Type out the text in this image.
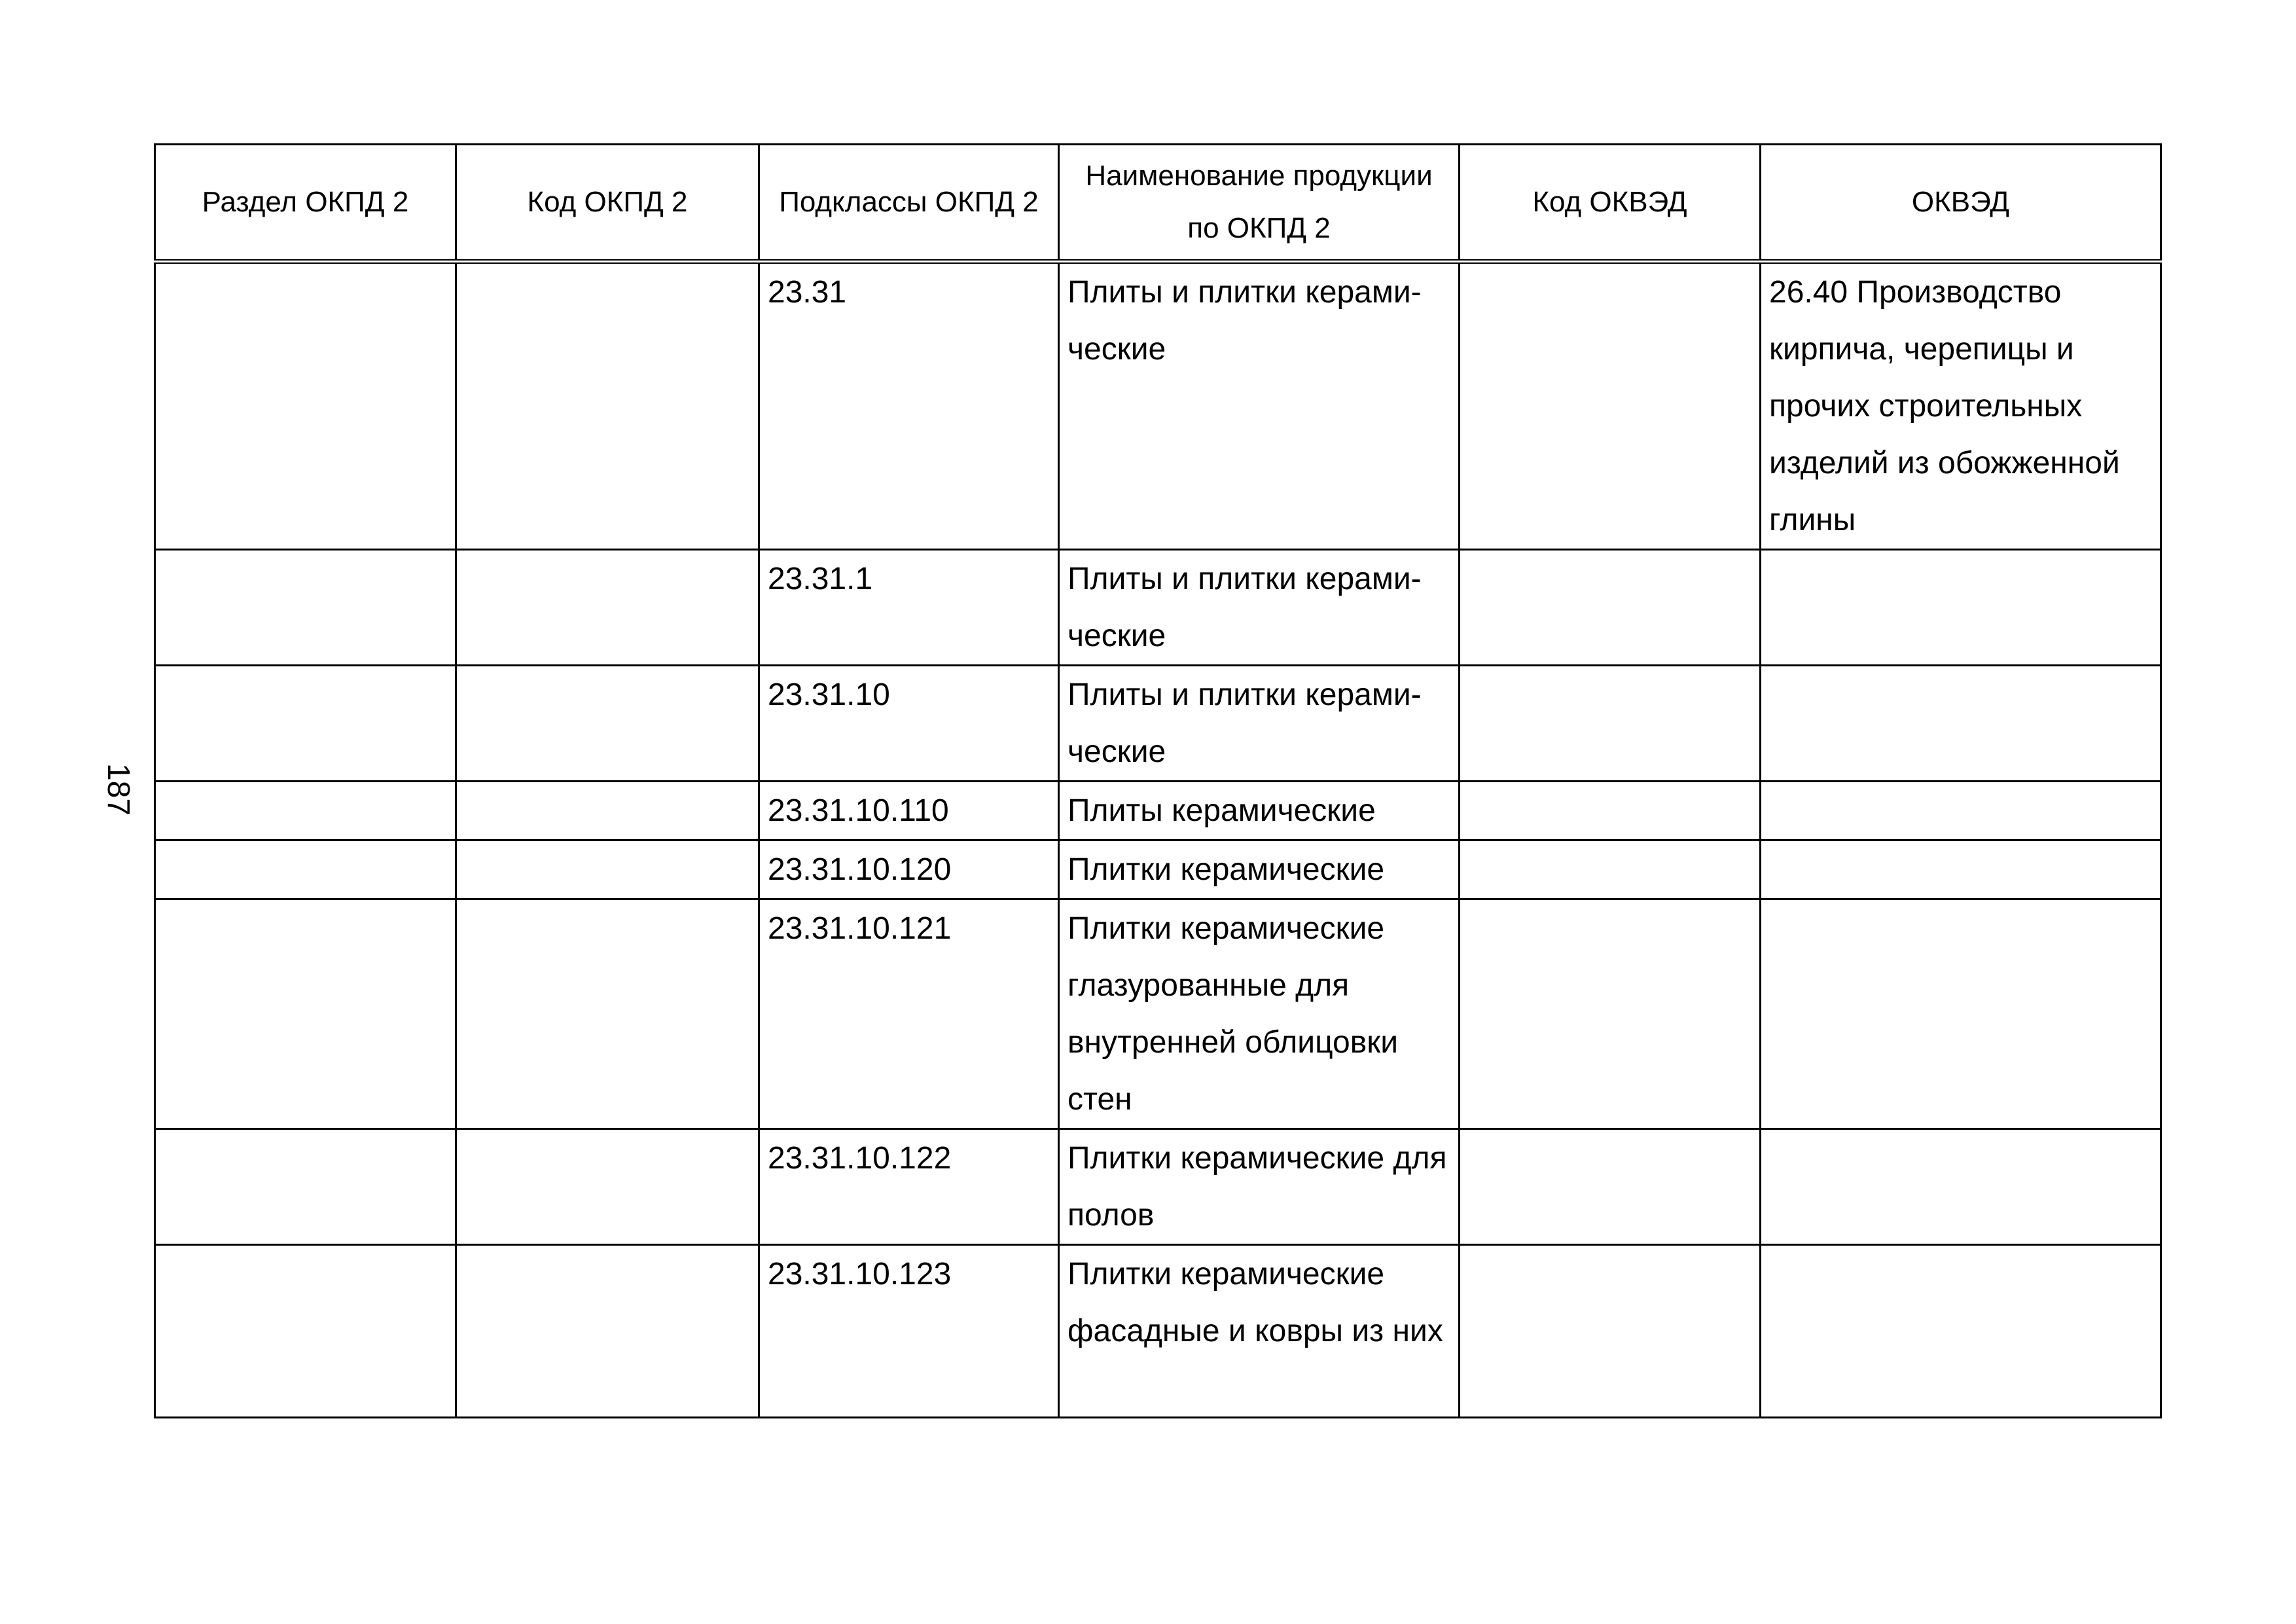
187
Раздел ОКПД 2	Код ОКПД 2	Подклассы ОКПД 2	Наименование продукции по ОКПД 2	Код ОКВЭД	ОКВЭД
		23.31	Плиты и плитки керами-ческие		26.40 Производство кирпича, черепицы и прочих строительных изделий из обожженной глины
		23.31.1	Плиты и плитки керами-ческие		
		23.31.10	Плиты и плитки керами-ческие		
		23.31.10.110	Плиты керамические		
		23.31.10.120	Плитки керамические		
		23.31.10.121	Плитки керамические глазурованные для внутренней облицовки стен		
		23.31.10.122	Плитки керамические для полов		
		23.31.10.123	Плитки керамические фасадные и ковры из них		
